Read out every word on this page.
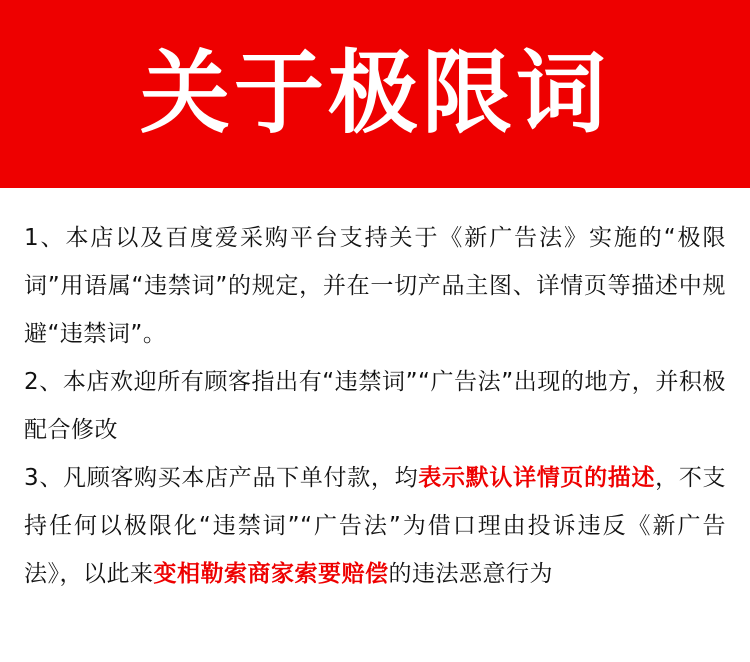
关于极限词

1、本店以及百度爱采购平台支持关于《新广告法》实施的“极限词”用语属“违禁词”的规定，并在一切产品主图、详情页等描述中规避“违禁词”。

2、本店欢迎所有顾客指出有“违禁词”“广告法”出现的地方，并积极配合修改

3、凡顾客购买本店产品下单付款，均表示默认详情页的描述，不支持任何以极限化“违禁词”“广告法”为借口理由投诉违反《新广告法》，以此来变相勒索商家索要赔偿的违法恶意行为
